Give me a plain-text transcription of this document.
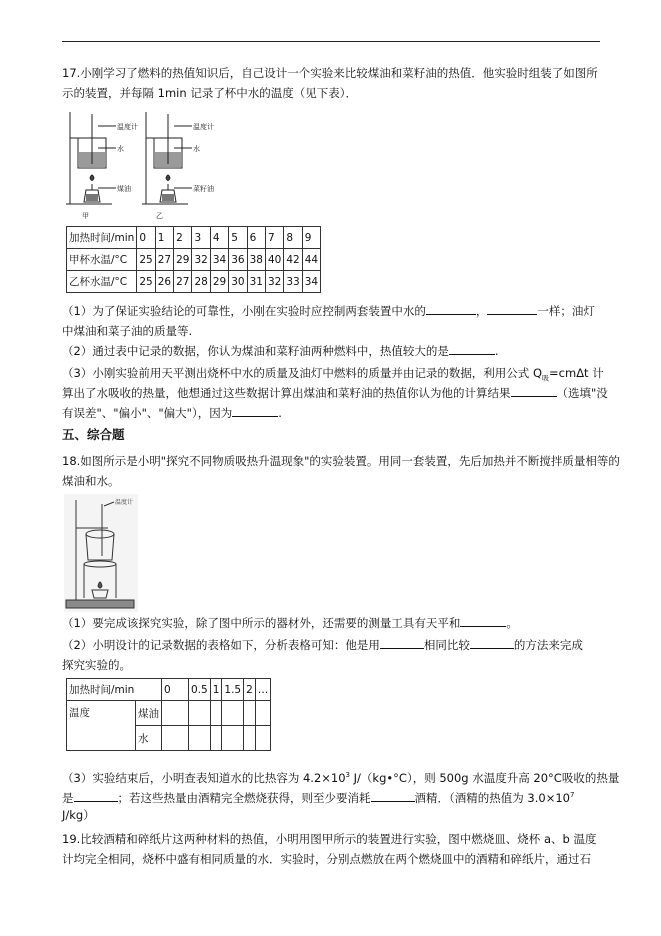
17.小刚学习了燃料的热值知识后，自己设计一个实验来比较煤油和菜籽油的热值．他实验时组装了如图所
示的装置，并每隔 1min 记录了杯中水的温度（见下表）．
温度计
水
煤油
甲
温度计
水
菜籽油
乙
加热时间/min	0	1	2	3	4	5	6	7	8	9
甲杯水温/°C	25	27	29	32	34	36	38	40	42	44
乙杯水温/°C	25	26	27	28	29	30	31	32	33	34
（1）为了保证实验结论的可靠性，小刚在实验时应控制两套装置中水的	，	一样；油灯
中煤油和菜子油的质量等.
（2）通过表中记录的数据，你认为煤油和菜籽油两种燃料中，热值较大的是	.
（3）小刚实验前用天平测出烧杯中水的质量及油灯中燃料的质量并由记录的数据，利用公式 $Q_吸=cm\Delta t$ 计
算出了水吸收的热量，他想通过这些数据计算出煤油和菜籽油的热值你认为他的计算结果	（选填"没
有误差"、"偏小"、"偏大"），因为	.
五、综合题
18.如图所示是小明"探究不同物质吸热升温现象"的实验装置。用同一套装置，先后加热并不断搅拌质量相等的
煤油和水。
温度计
（1）要完成该探究实验，除了图中所示的器材外，还需要的测量工具有天平和	。
（2）小明设计的记录数据的表格如下，分析表格可知：他是用	相同比较	的方法来完成
探究实验的。
加热时间/min		0	0.5	1	1.5	2	…
温度	煤油						
	水						
（3）实验结束后，小明查表知道水的比热容为 $4.2\times 10^3$ J/（kg•°C），则 500g 水温度升高 20°C吸收的热量
是	；若这些热量由酒精完全燃烧获得，则至少要消耗	酒精．（酒精的热值为 $3.0\times 10^7$
J/kg）
19.比较酒精和碎纸片这两种材料的热值，小明用图甲所示的装置进行实验，图中燃烧皿、烧杯 a、b 温度
计均完全相同，烧杯中盛有相同质量的水．实验时，分别点燃放在两个燃烧皿中的酒精和碎纸片，通过石
